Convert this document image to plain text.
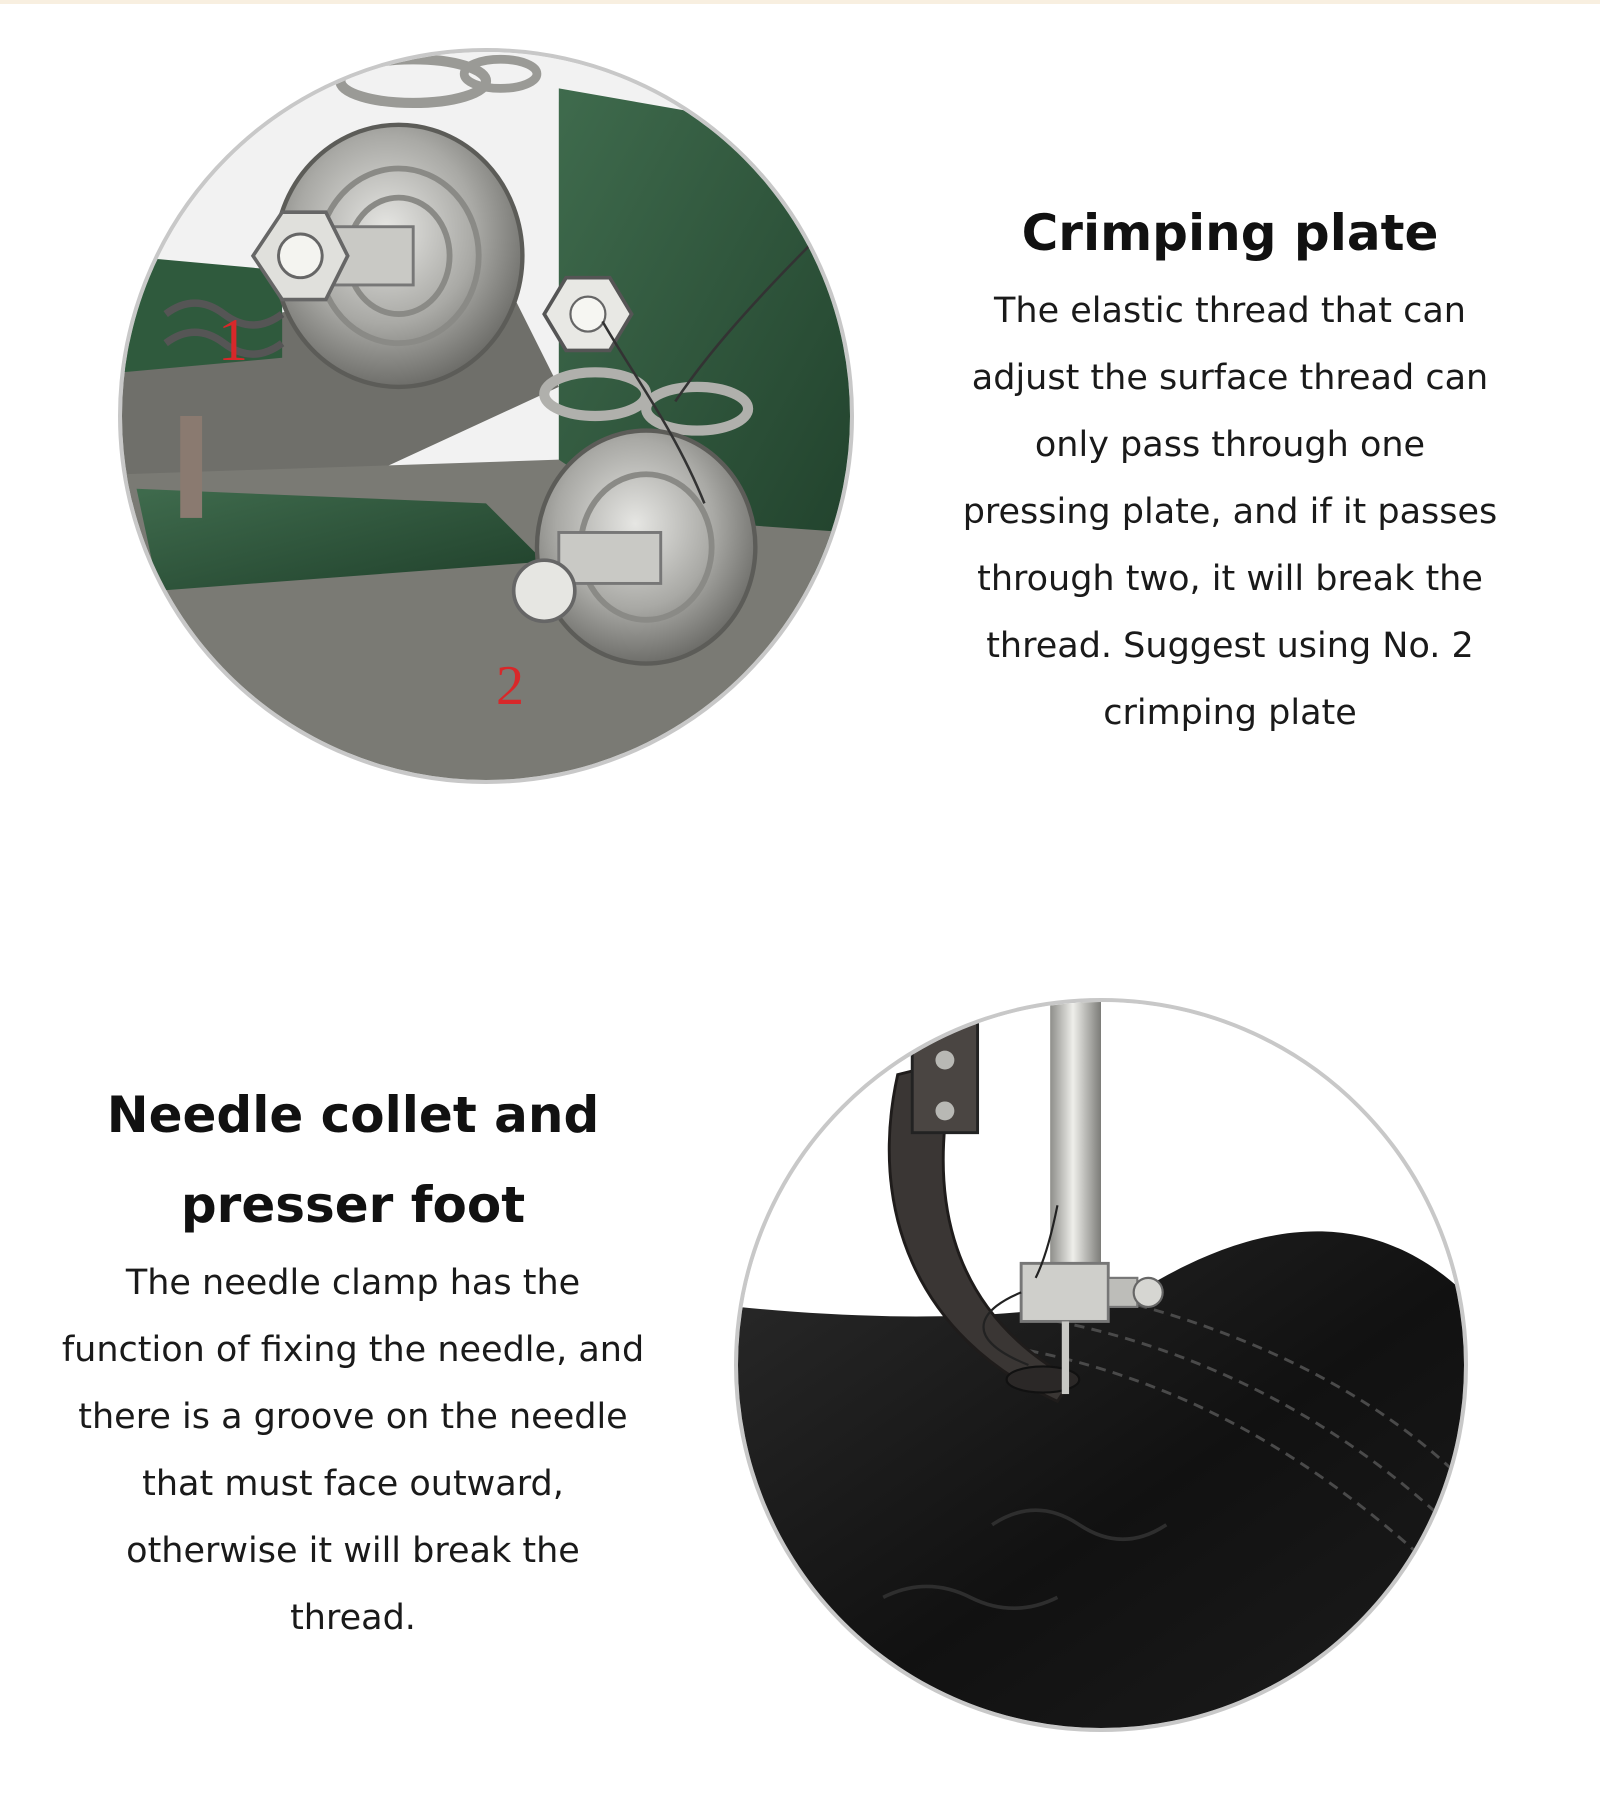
1
2
Crimping plate

The elastic thread that can adjust the surface thread can only pass through one pressing plate, and if it passes through two, it will break the thread. Suggest using No. 2 crimping plate

Needle collet and presser foot

The needle clamp has the function of fixing the needle, and there is a groove on the needle that must face outward, otherwise it will break the thread.
